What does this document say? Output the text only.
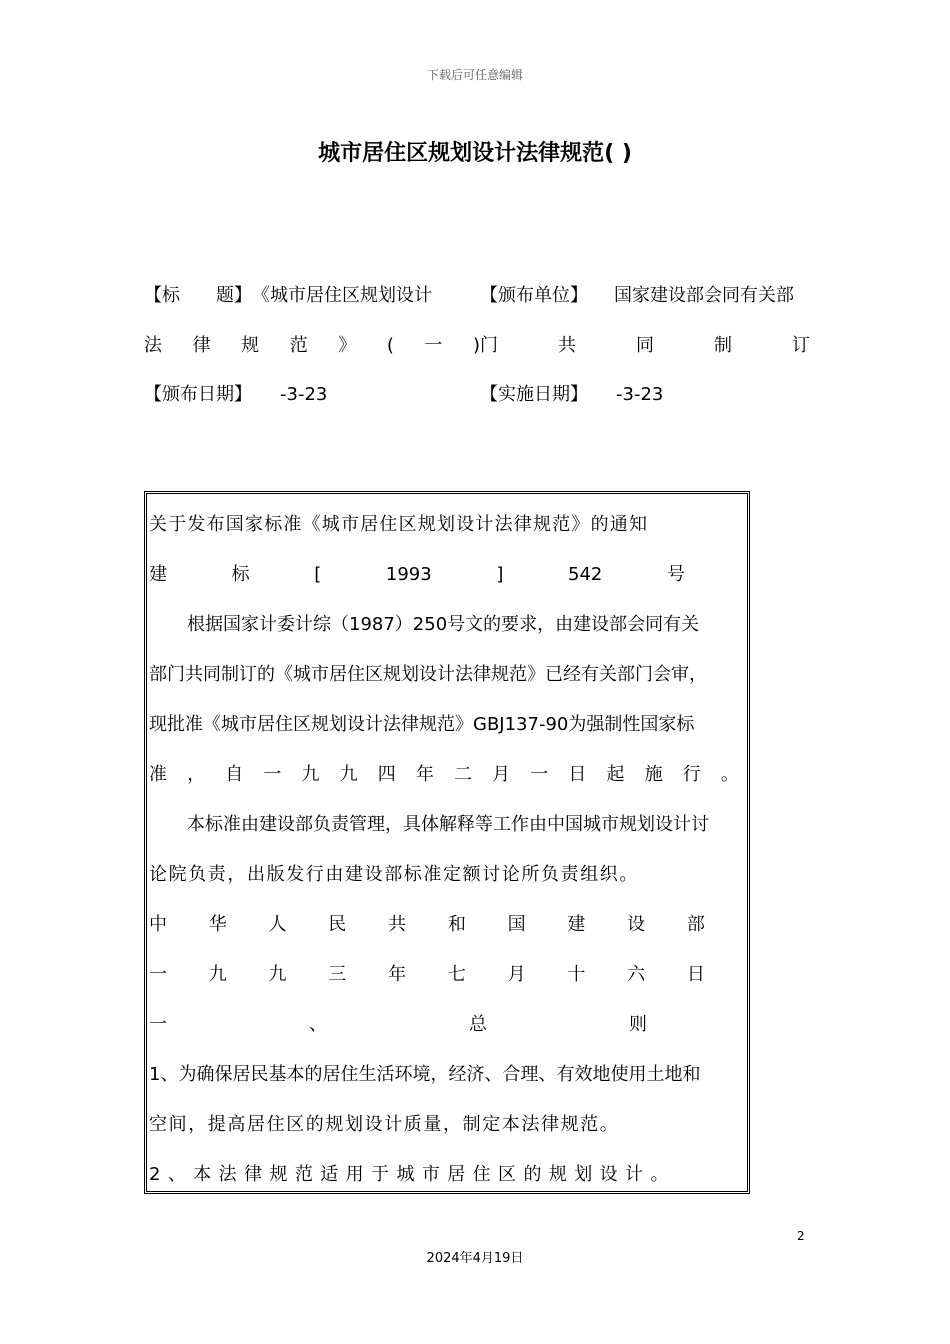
下载后可任意编辑
城市居住区规划设计法律规范( )
【标 题】《城市居住区规划设计	【颁布单位】 国家建设部会同有关部
法 律 规 范 》 ( 一 ) 门	共	同	制	订
【颁布日期】 -3-23	【实施日期】 -3-23
关于发布国家标准《城市居住区规划设计法律规范》的通知
建	标	[	1993	]	542	号
根据国家计委计综（1987）250号文的要求，由建设部会同有关
部门共同制订的《城市居住区规划设计法律规范》已经有关部门会审，
现批准《城市居住区规划设计法律规范》GBJ137-90为强制性国家标
准 ， 自 一 九 九 四 年 二 月 一 日 起 施 行 。
本标准由建设部负责管理，具体解释等工作由中国城市规划设计讨
论院负责，出版发行由建设部标准定额讨论所负责组织。
中 华 人 民 共 和 国 建 设 部
一 九 九 三 年 七 月 十 六 日
一	、	总	则
1、为确保居民基本的居住生活环境，经济、合理、有效地使用土地和
空间，提高居住区的规划设计质量，制定本法律规范。
2、本法律规范适用于城市居住区的规划设计。
2
2024年4月19日
